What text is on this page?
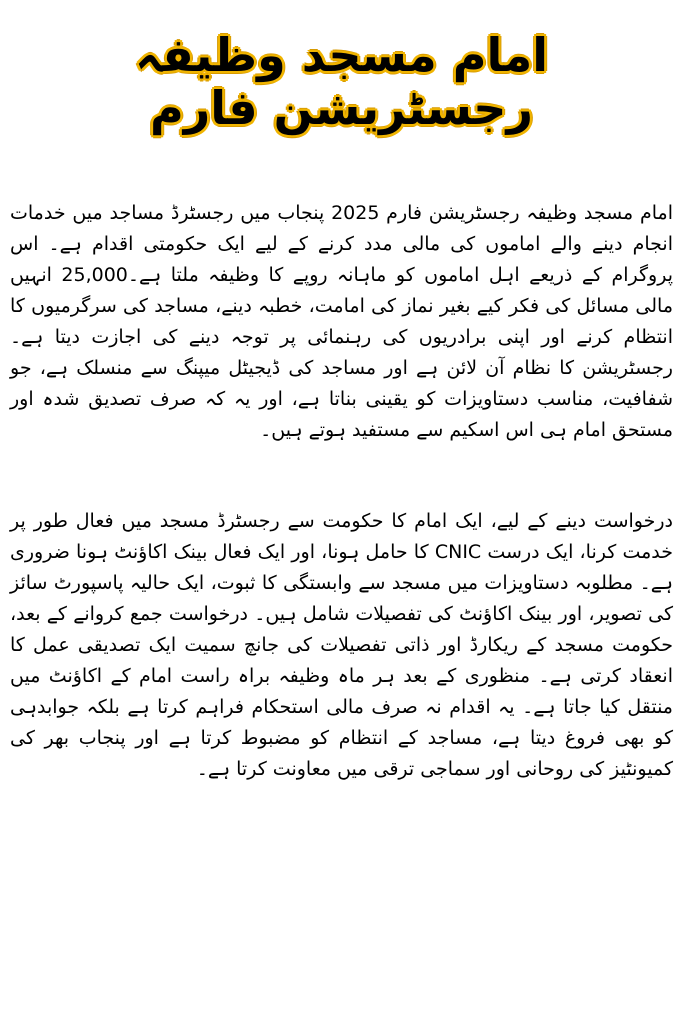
امام مسجد وظیفہ رجسٹریشن فارم

امام مسجد وظیفہ رجسٹریشن فارم 2025 پنجاب میں رجسٹرڈ مساجد میں خدمات انجام دینے والے اماموں کی مالی مدد کرنے کے لیے ایک حکومتی اقدام ہے۔ اس پروگرام کے ذریعے اہل اماموں کو ماہانہ روپے کا وظیفہ ملتا ہے۔25,000 انہیں مالی مسائل کی فکر کیے بغیر نماز کی امامت، خطبہ دینے، مساجد کی سرگرمیوں کا انتظام کرنے اور اپنی برادریوں کی رہنمائی پر توجہ دینے کی اجازت دیتا ہے۔ رجسٹریشن کا نظام آن لائن ہے اور مساجد کی ڈیجیٹل میپنگ سے منسلک ہے، جو شفافیت، مناسب دستاویزات کو یقینی بناتا ہے، اور یہ کہ صرف تصدیق شدہ اور مستحق امام ہی اس اسکیم سے مستفید ہوتے ہیں۔

درخواست دینے کے لیے، ایک امام کا حکومت سے رجسٹرڈ مسجد میں فعال طور پر خدمت کرنا، ایک درست CNIC کا حامل ہونا، اور ایک فعال بینک اکاؤنٹ ہونا ضروری ہے۔ مطلوبہ دستاویزات میں مسجد سے وابستگی کا ثبوت، ایک حالیہ پاسپورٹ سائز کی تصویر، اور بینک اکاؤنٹ کی تفصیلات شامل ہیں۔ درخواست جمع کروانے کے بعد، حکومت مسجد کے ریکارڈ اور ذاتی تفصیلات کی جانچ سمیت ایک تصدیقی عمل کا انعقاد کرتی ہے۔ منظوری کے بعد ہر ماہ وظیفہ براہ راست امام کے اکاؤنٹ میں منتقل کیا جاتا ہے۔ یہ اقدام نہ صرف مالی استحکام فراہم کرتا ہے بلکہ جوابدہی کو بھی فروغ دیتا ہے، مساجد کے انتظام کو مضبوط کرتا ہے اور پنجاب بھر کی کمیونٹیز کی روحانی اور سماجی ترقی میں معاونت کرتا ہے۔
